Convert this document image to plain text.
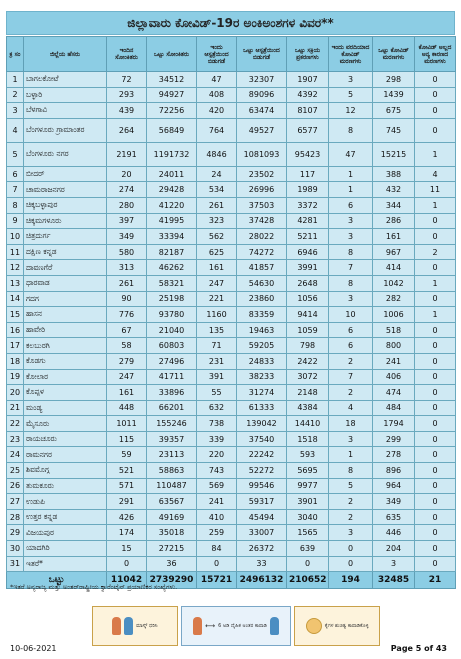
ಜಿಲ್ಲಾವಾರು ಕೋವಿಡ್-19ರ ಅಂಕಿಅಂಶಗಳ ವಿವರ**
ಕ್ರ ಸಂ	ಜಿಲ್ಲೆಯ ಹೆಸರು	ಇಂದಿನ ಸೋಂಕಿತರು	ಒಟ್ಟು ಸೋಂಕಿತರು	ಇಂದು ಆಸ್ಪತ್ರೆಯಿಂದ ಬಿಡುಗಡೆ	ಒಟ್ಟು ಆಸ್ಪತ್ರೆಯಿಂದ ಬಿಡುಗಡೆ	ಒಟ್ಟು ಸಕ್ರಿಯ ಪ್ರಕರಣಗಳು	ಇಂದು ವರದಿಯಾದ ಕೋವಿಡ್ ಮರಣಗಳು	ಒಟ್ಟು ಕೋವಿಡ್ ಮರಣಗಳು	ಕೋವಿಡ್ ಅಲ್ಲದ ಅನ್ಯ ಕಾರಣದ ಮರಣಗಳು
1	ಬಾಗಲಕೋಟೆ	72	34512	47	32307	1907	3	298	0
2	ಬಳ್ಳಾರಿ	293	94927	408	89096	4392	5	1439	0
3	ಬೆಳಗಾವಿ	439	72256	420	63474	8107	12	675	0
4	ಬೆಂಗಳೂರು ಗ್ರಾಮಾಂತರ	264	56849	764	49527	6577	8	745	0
5	ಬೆಂಗಳೂರು ನಗರ	2191	1191732	4846	1081093	95423	47	15215	1
6	ಬೀದರ್	20	24011	24	23502	117	1	388	4
7	ಚಾಮರಾಜನಗರ	274	29428	534	26996	1989	1	432	11
8	ಚಿಕ್ಕಬಳ್ಳಾಪುರ	280	41220	261	37503	3372	6	344	1
9	ಚಿಕ್ಕಮಗಳೂರು	397	41995	323	37428	4281	3	286	0
10	ಚಿತ್ರದುರ್ಗ	349	33394	562	28022	5211	3	161	0
11	ದಕ್ಷಿಣ ಕನ್ನಡ	580	82187	625	74272	6946	8	967	2
12	ದಾವಣಗೆರೆ	313	46262	161	41857	3991	7	414	0
13	ಧಾರವಾಡ	261	58321	247	54630	2648	8	1042	1
14	ಗದಗ	90	25198	221	23860	1056	3	282	0
15	ಹಾಸನ	776	93780	1160	83359	9414	10	1006	1
16	ಹಾವೇರಿ	67	21040	135	19463	1059	6	518	0
17	ಕಲಬುರಗಿ	58	60803	71	59205	798	6	800	0
18	ಕೊಡಗು	279	27496	231	24833	2422	2	241	0
19	ಕೋಲಾರ	247	41711	391	38233	3072	7	406	0
20	ಕೊಪ್ಪಳ	161	33896	55	31274	2148	2	474	0
21	ಮಂಡ್ಯ	448	66201	632	61333	4384	4	484	0
22	ಮೈಸೂರು	1011	155246	738	139042	14410	18	1794	0
23	ರಾಯಚೂರು	115	39357	339	37540	1518	3	299	0
24	ರಾಮನಗರ	59	23113	220	22242	593	1	278	0
25	ಶಿವಮೊಗ್ಗ	521	58863	743	52272	5695	8	896	0
26	ತುಮಕೂರು	571	110487	569	99546	9977	5	964	0
27	ಉಡುಪಿ	291	63567	241	59317	3901	2	349	0
28	ಉತ್ತರ ಕನ್ನಡ	426	49169	410	45494	3040	2	635	0
29	ವಿಜಯಪುರ	174	35018	259	33007	1565	3	446	0
30	ಯಾದಗಿರಿ	15	27215	84	26372	639	0	204	0
31	ಇತರೆ*	0	36	0	33	0	0	3	0
ಒಟ್ಟು		11042	2739290	15721	2496132	210652	194	32485	21
*ಇತರೆ ಅನ್ಯರಾಜ್ಯ ಮತ್ತು ಅಂತರ್‌ರಾಷ್ಟ್ರೀಯ ಕ್ವಾರೆಂಟೈನ್ ಪ್ರಯಾಣಿಕರ ಸಂಖ್ಯೆಗಳು.
ಮಾಸ್ಕ್ ಧರಿಸಿ	⟷ 6 ಅಡಿ ದೈಹಿಕ ಅಂತರ ಕಾಪಾಡಿ	ಕೈಗಳ ಶುಚಿತ್ವ ಕಾಪಾಡಿಕೊಳ್ಳಿ
10-06-2021	Page 5 of 43
